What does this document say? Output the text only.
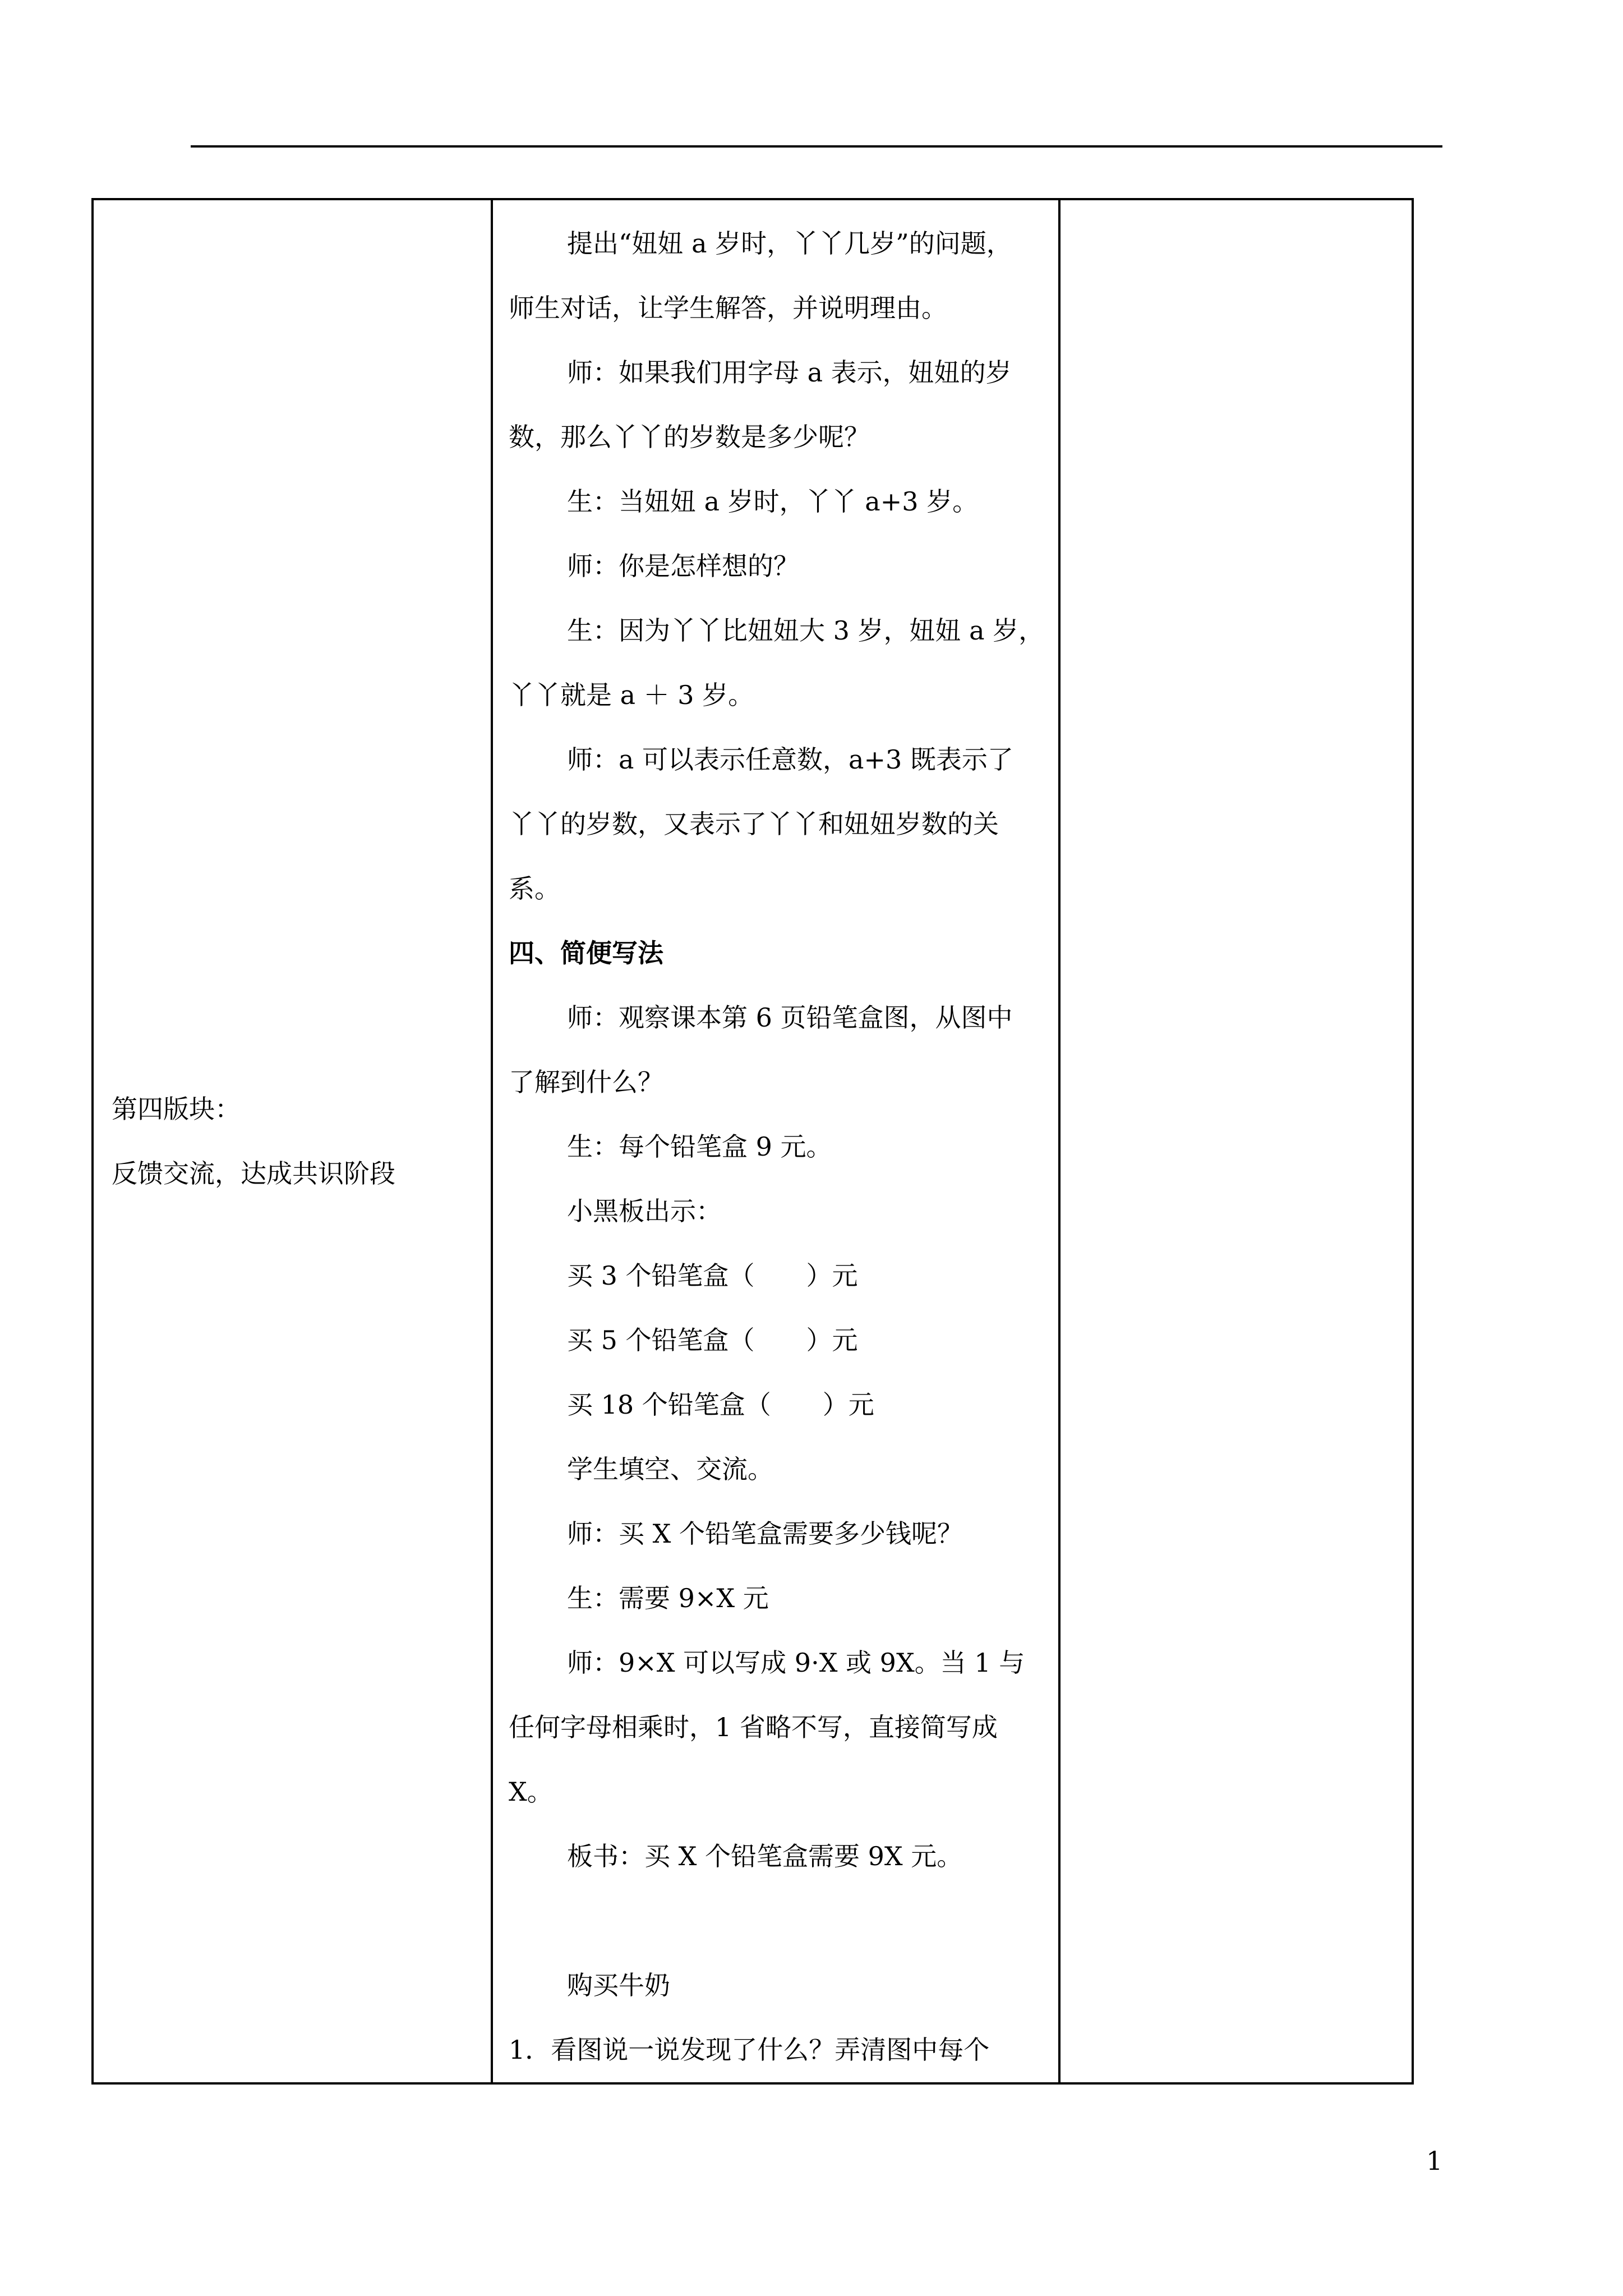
第四版块：
反馈交流，达成共识阶段

提出“妞妞 a 岁时，丫丫几岁”的问题，

师生对话，让学生解答，并说明理由。

师：如果我们用字母 a 表示，妞妞的岁

数，那么丫丫的岁数是多少呢？

生：当妞妞 a 岁时，丫丫 a+3 岁。

师：你是怎样想的？

生：因为丫丫比妞妞大 3 岁，妞妞 a 岁，

丫丫就是 a ＋ 3 岁。

师：a 可以表示任意数，a+3 既表示了

丫丫的岁数，又表示了丫丫和妞妞岁数的关

系。

四、简便写法

师：观察课本第 6 页铅笔盒图，从图中

了解到什么？

生：每个铅笔盒 9 元。

小黑板出示：

买 3 个铅笔盒（　　）元

买 5 个铅笔盒（　　）元

买 18 个铅笔盒（　　）元

学生填空、交流。

师：买 X 个铅笔盒需要多少钱呢？

生：需要 9×X 元

师：9×X 可以写成 9·X 或 9X。当 1 与

任何字母相乘时，1 省略不写，直接简写成

X。

板书：买 X 个铅笔盒需要 9X 元。

购买牛奶

1．看图说一说发现了什么？弄清图中每个

1
